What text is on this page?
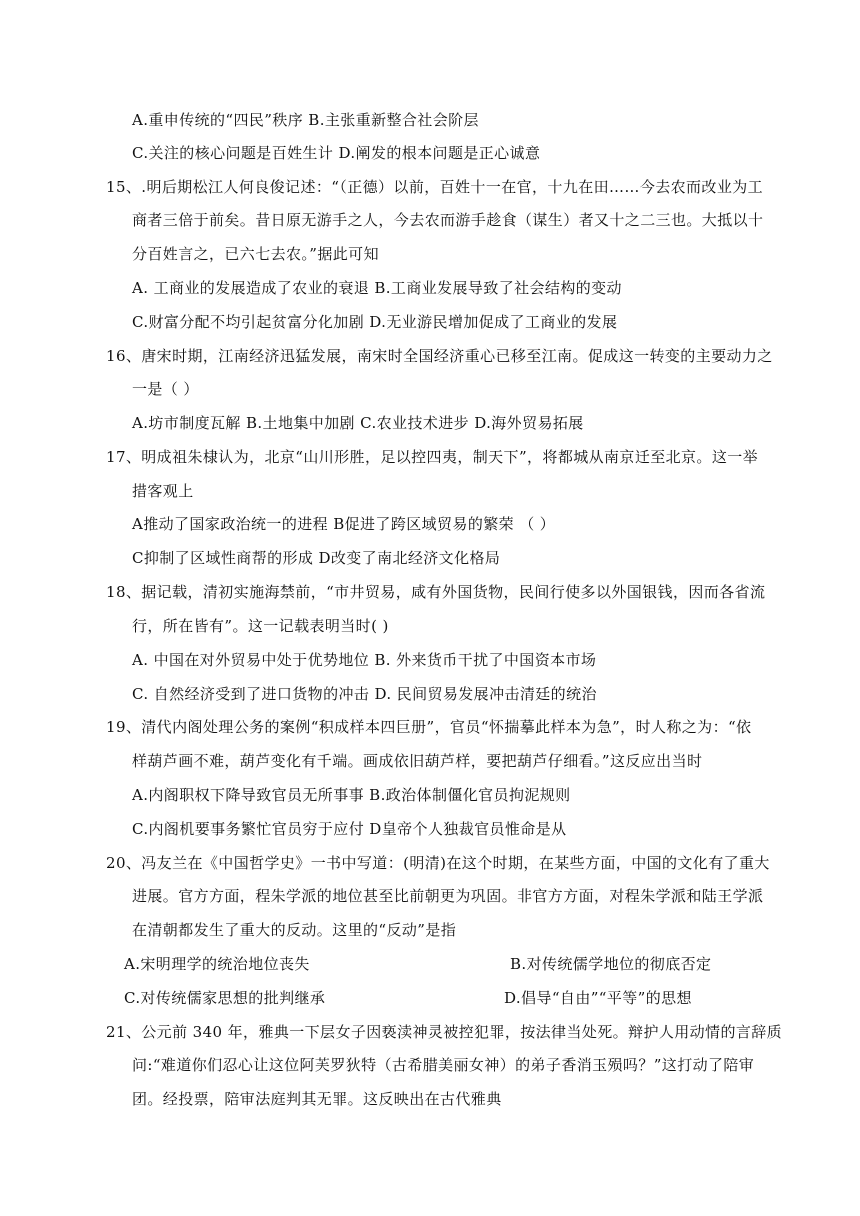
A.重申传统的“四民”秩序 B.主张重新整合社会阶层
C.关注的核心问题是百姓生计 D.阐发的根本问题是正心诚意
15、.明后期松江人何良俊记述：“（正德）以前，百姓十一在官，十九在田……今去农而改业为工
商者三倍于前矣。昔日原无游手之人，今去农而游手趁食（谋生）者又十之二三也。大抵以十
分百姓言之，已六七去农。”据此可知
A. 工商业的发展造成了农业的衰退 B.工商业发展导致了社会结构的变动
C.财富分配不均引起贫富分化加剧 D.无业游民增加促成了工商业的发展
16、唐宋时期，江南经济迅猛发展，南宋时全国经济重心已移至江南。促成这一转变的主要动力之
一是（ ）
A.坊市制度瓦解 B.土地集中加剧 C.农业技术进步 D.海外贸易拓展
17、明成祖朱棣认为，北京“山川形胜，足以控四夷，制天下”，将都城从南京迁至北京。这一举
措客观上
A推动了国家政治统一的进程 B促进了跨区域贸易的繁荣 （ ）
C抑制了区域性商帮的形成 D改变了南北经济文化格局
18、据记载，清初实施海禁前，“市井贸易，咸有外国货物，民间行使多以外国银钱，因而各省流
行，所在皆有”。这一记载表明当时( )
A. 中国在对外贸易中处于优势地位 B. 外来货币干扰了中国资本市场
C. 自然经济受到了进口货物的冲击 D. 民间贸易发展冲击清廷的统治
19、清代内阁处理公务的案例“积成样本四巨册”，官员“怀揣摹此样本为急”，时人称之为：“依
样葫芦画不难，葫芦变化有千端。画成依旧葫芦样，要把葫芦仔细看。”这反应出当时
A.内阁职权下降导致官员无所事事 B.政治体制僵化官员拘泥规则
C.内阁机要事务繁忙官员穷于应付 D皇帝个人独裁官员惟命是从
20、冯友兰在《中国哲学史》一书中写道：(明清)在这个时期，在某些方面，中国的文化有了重大
进展。官方方面，程朱学派的地位甚至比前朝更为巩固。非官方方面，对程朱学派和陆王学派
在清朝都发生了重大的反动。这里的“反动”是指
A.宋明理学的统治地位丧失	B.对传统儒学地位的彻底否定
C.对传统儒家思想的批判继承	D.倡导“自由”“平等”的思想
21、公元前 340 年，雅典一下层女子因亵渎神灵被控犯罪，按法律当处死。辩护人用动情的言辞质
问:“难道你们忍心让这位阿芙罗狄特（古希腊美丽女神）的弟子香消玉殒吗？”这打动了陪审
团。经投票，陪审法庭判其无罪。这反映出在古代雅典
